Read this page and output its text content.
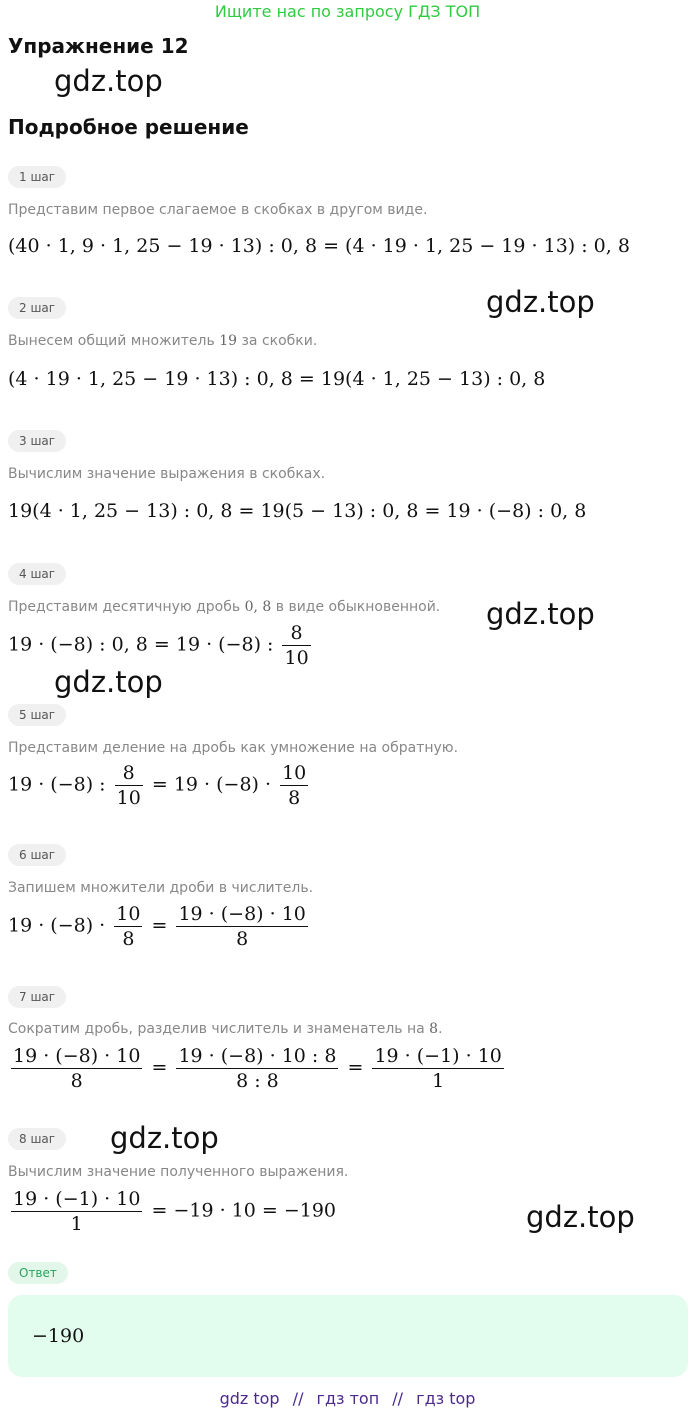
Ищите нас по запросу ГДЗ ТОП
Упражнение 12
gdz.top
Подробное решение
1 шаг
Представим первое слагаемое в скобках в другом виде.
(40 · 1, 9 · 1, 25 − 19 · 13) : 0, 8 = (4 · 19 · 1, 25 − 19 · 13) : 0, 8
2 шаг	gdz.top
Вынесем общий множитель 19 за скобки.
(4 · 19 · 1, 25 − 19 · 13) : 0, 8 = 19(4 · 1, 25 − 13) : 0, 8
3 шаг
Вычислим значение выражения в скобках.
19(4 · 1, 25 − 13) : 0, 8 = 19(5 − 13) : 0, 8 = 19 · (−8) : 0, 8
4 шаг
Представим десятичную дробь 0, 8 в виде обыкновенной. gdz.top
19 · (−8) : 0, 8 = 19 · (−8) : $\frac{8}{10}$
gdz.top
5 шаг
Представим деление на дробь как умножение на обратную.
19 · (−8) : $\frac{8}{10} = 19 \cdot (-8) \cdot \frac{10}{8}$
6 шаг
Запишем множители дроби в числитель.
$19 \cdot (-8) \cdot \frac{10}{8} = \frac{19 \cdot (-8) \cdot 10}{8}$
7 шаг
Сократим дробь, разделив числитель и знаменатель на 8.
$\frac{19 \cdot (-8) \cdot 10}{8} = \frac{19 \cdot (-8) \cdot 10 : 8}{8 : 8} = \frac{19 \cdot (-1) \cdot 10}{1}$
8 шаг	gdz.top
Вычислим значение полученного выражения.
$\frac{19 \cdot (-1) \cdot 10}{1} = -19 \cdot 10 = -190$	gdz.top
Ответ
−190
gdz top // гдз топ // гдз top
